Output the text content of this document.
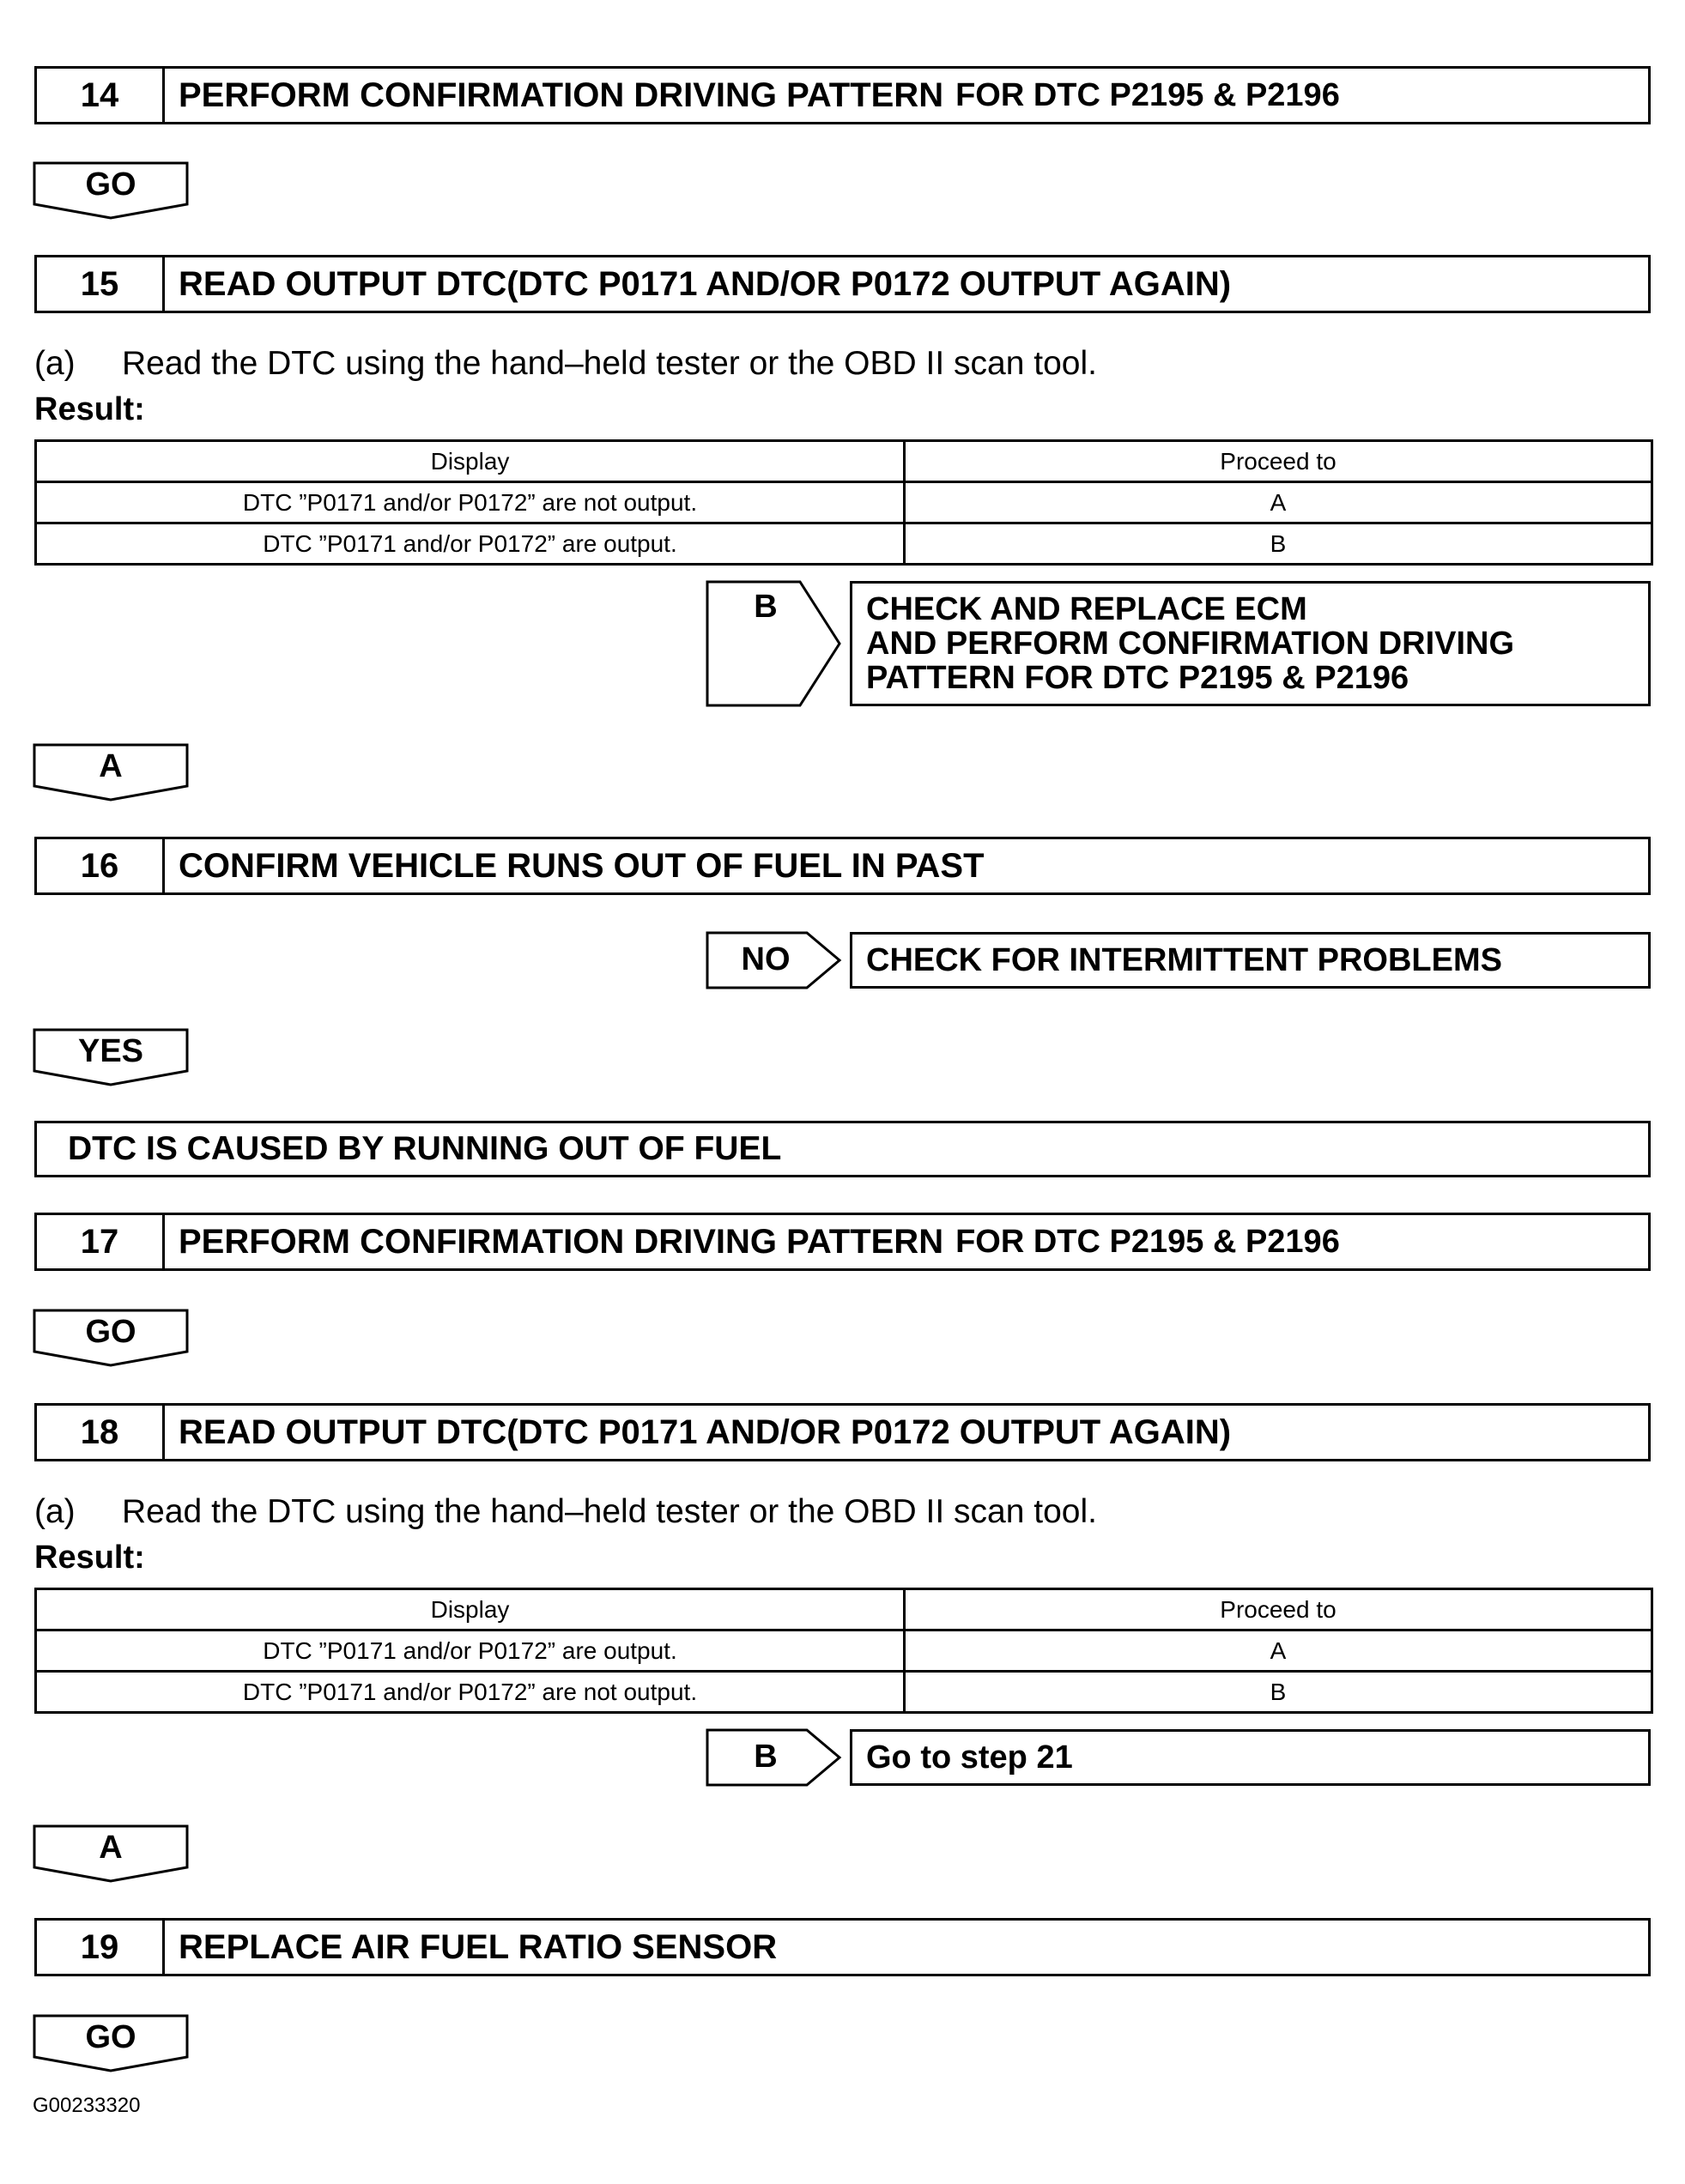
14	PERFORM CONFIRMATION DRIVING PATTERN FOR DTC P2195 & P2196
GO
15	READ OUTPUT DTC(DTC P0171 AND/OR P0172 OUTPUT AGAIN)
(a) Read the DTC using the hand–held tester or the OBD II scan tool.
Result:
Display	Proceed to
DTC ”P0171 and/or P0172” are not output.	A
DTC ”P0171 and/or P0172” are output.	B
B	CHECK AND REPLACE ECM
AND PERFORM CONFIRMATION DRIVING
PATTERN FOR DTC P2195 & P2196
A
16	CONFIRM VEHICLE RUNS OUT OF FUEL IN PAST
NO	CHECK FOR INTERMITTENT PROBLEMS
YES
DTC IS CAUSED BY RUNNING OUT OF FUEL
17	PERFORM CONFIRMATION DRIVING PATTERN FOR DTC P2195 & P2196
GO
18	READ OUTPUT DTC(DTC P0171 AND/OR P0172 OUTPUT AGAIN)
(a) Read the DTC using the hand–held tester or the OBD II scan tool.
Result:
Display	Proceed to
DTC ”P0171 and/or P0172” are output.	A
DTC ”P0171 and/or P0172” are not output.	B
B	Go to step 21
A
19	REPLACE AIR FUEL RATIO SENSOR
GO
G00233320
